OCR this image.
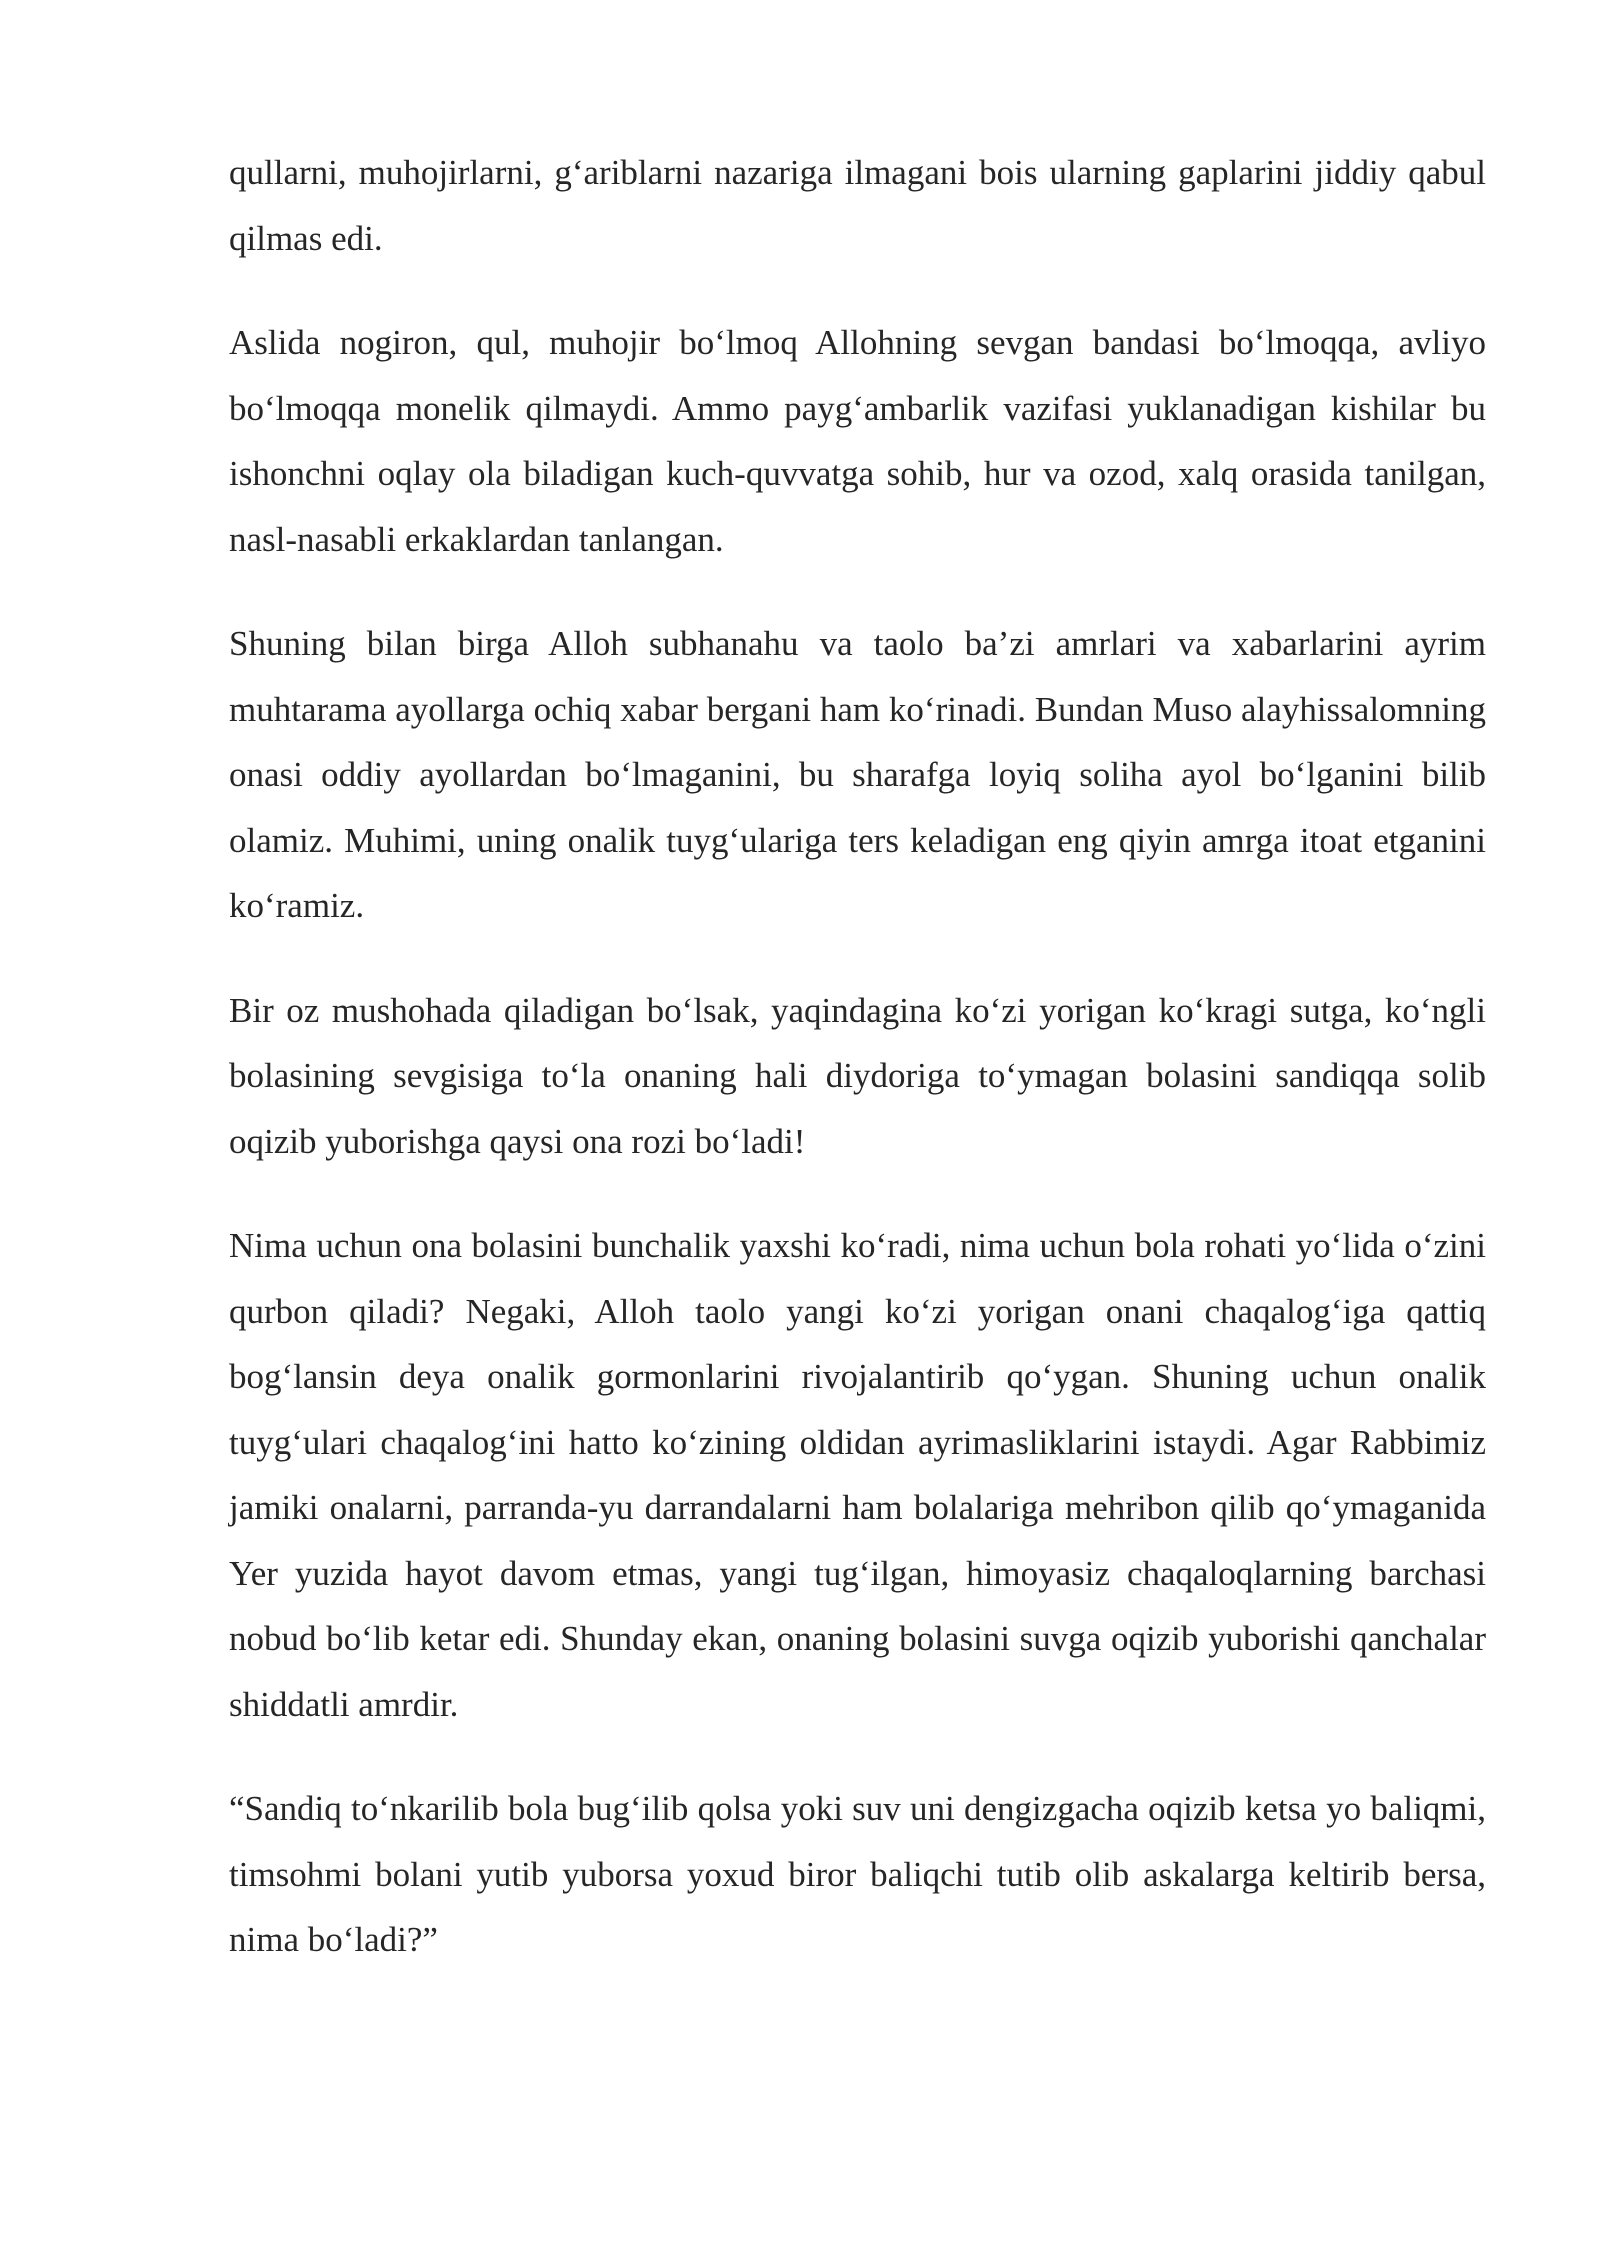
qullarni, muhojirlarni, g‘ariblarni nazariga ilmagani bois ularning gaplarini jiddiy qabul qilmas edi.

Aslida nogiron, qul, muhojir bo‘lmoq Allohning sevgan bandasi bo‘lmoqqa, avliyo bo‘lmoqqa monelik qilmaydi. Ammo payg‘ambarlik vazifasi yuklanadigan kishilar bu ishonchni oqlay ola biladigan kuch-quvvatga sohib, hur va ozod, xalq orasida tanilgan, nasl-nasabli erkaklardan tanlangan.

Shuning bilan birga Alloh subhanahu va taolo ba’zi amrlari va xabarlarini ayrim muhtarama ayollarga ochiq xabar bergani ham ko‘rinadi. Bundan Muso alayhissalomning onasi oddiy ayollardan bo‘lmaganini, bu sharafga loyiq soliha ayol bo‘lganini bilib olamiz. Muhimi, uning onalik tuyg‘ulariga ters keladigan eng qiyin amrga itoat etganini ko‘ramiz.

Bir oz mushohada qiladigan bo‘lsak, yaqindagina ko‘zi yorigan ko‘kragi sutga, ko‘ngli bolasining sevgisiga to‘la onaning hali diydoriga to‘ymagan bolasini sandiqqa solib oqizib yuborishga qaysi ona rozi bo‘ladi!

Nima uchun ona bolasini bunchalik yaxshi ko‘radi, nima uchun bola rohati yo‘lida o‘zini qurbon qiladi? Negaki, Alloh taolo yangi ko‘zi yorigan onani chaqalog‘iga qattiq bog‘lansin deya onalik gormonlarini rivojalantirib qo‘ygan. Shuning uchun onalik tuyg‘ulari chaqalog‘ini hatto ko‘zining oldidan ayrimasliklarini istaydi. Agar Rabbimiz jamiki onalarni, parranda-yu darrandalarni ham bolalariga mehribon qilib qo‘ymaganida Yer yuzida hayot davom etmas, yangi tug‘ilgan, himoyasiz chaqaloqlarning barchasi nobud bo‘lib ketar edi. Shunday ekan, onaning bolasini suvga oqizib yuborishi qanchalar shiddatli amrdir.

“Sandiq to‘nkarilib bola bug‘ilib qolsa yoki suv uni dengizgacha oqizib ketsa yo baliqmi, timsohmi bolani yutib yuborsa yoxud biror baliqchi tutib olib askalarga keltirib bersa, nima bo‘ladi?”
